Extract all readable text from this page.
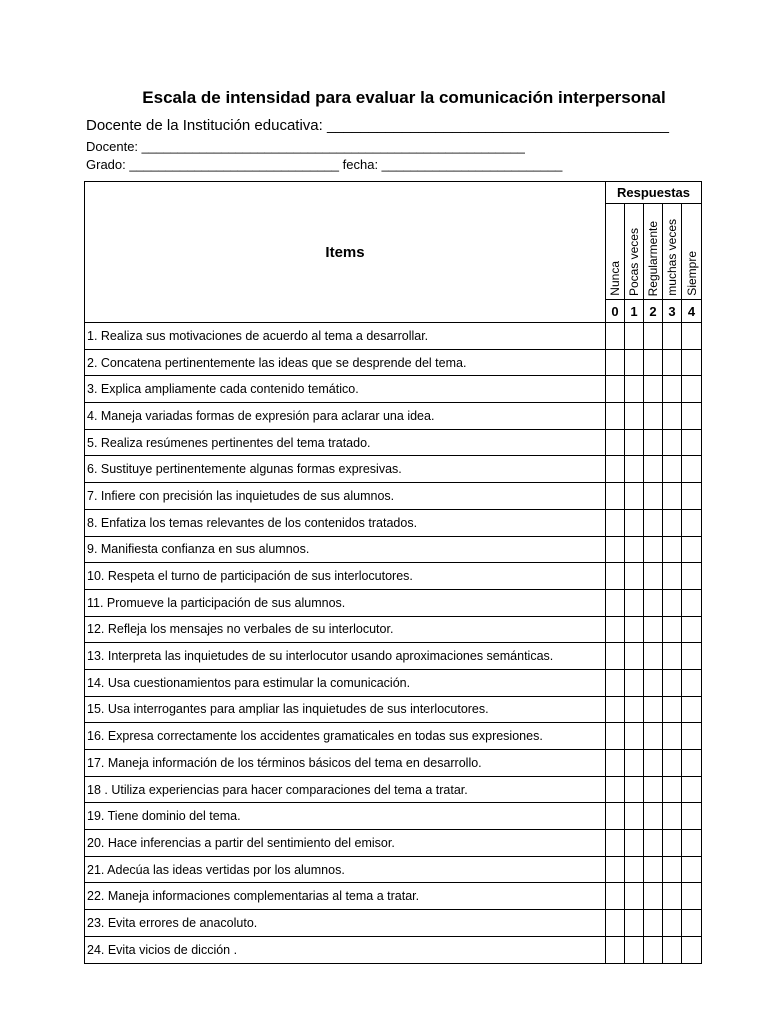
Escala de intensidad para evaluar la comunicación interpersonal
Docente de la Institución educativa: _________________________________________
Docente: _____________________________________________________
Grado: _____________________________ fecha: _________________________
Items	Respuestas				

	Nunca	Pocas veces	Regularmente	muchas veces	Siempre

	0	1	2	3	4
1. Realiza sus motivaciones de acuerdo al tema a desarrollar.					
2. Concatena pertinentemente las ideas que se desprende del tema.					
3. Explica ampliamente cada contenido temático.					
4. Maneja variadas formas de expresión para aclarar una idea.					
5. Realiza resúmenes pertinentes del tema tratado.					
6. Sustituye pertinentemente algunas formas expresivas.					
7. Infiere con precisión las inquietudes de sus alumnos.					
8. Enfatiza los temas relevantes de los contenidos tratados.					
9. Manifiesta confianza en sus alumnos.					
10. Respeta el turno de participación de sus interlocutores.					
11. Promueve la participación de sus alumnos.					
12. Refleja los mensajes no verbales de su interlocutor.					
13. Interpreta las inquietudes de su interlocutor usando aproximaciones semánticas.					
14. Usa cuestionamientos para estimular la comunicación.					
15. Usa interrogantes para ampliar las inquietudes de sus interlocutores.					
16. Expresa correctamente los accidentes gramaticales en todas sus expresiones.					
17. Maneja información de los términos básicos del tema en desarrollo.					
18 . Utiliza experiencias para hacer comparaciones del tema a tratar.					
19. Tiene dominio del tema.					
20. Hace inferencias a partir del sentimiento del emisor.					
21. Adecúa las ideas vertidas por los alumnos.					
22. Maneja informaciones complementarias al tema a tratar.					
23. Evita errores de anacoluto.					
24. Evita vicios de dicción .					
